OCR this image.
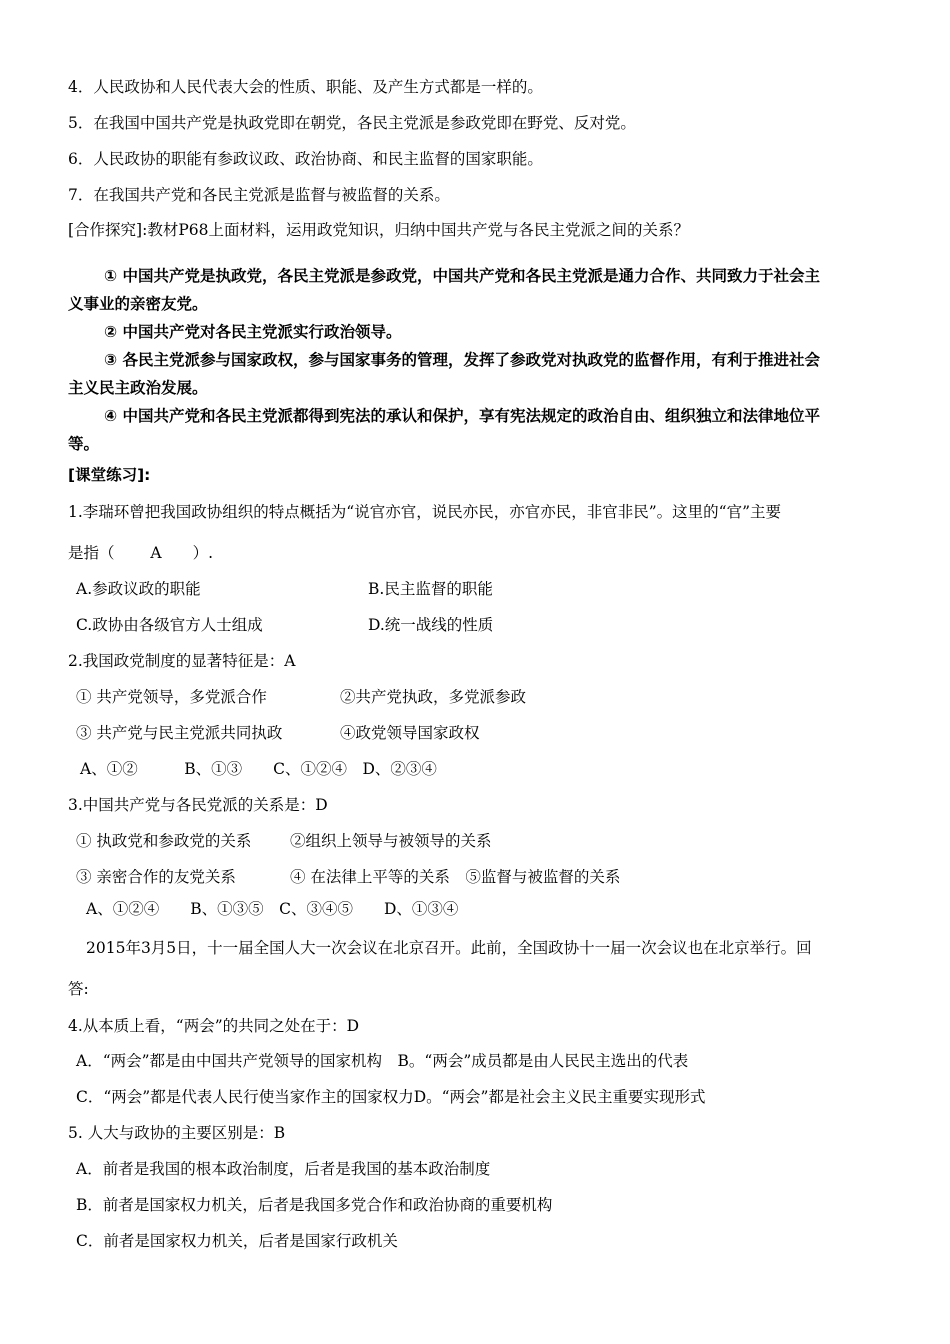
4．人民政协和人民代表大会的性质、职能、及产生方式都是一样的。
5．在我国中国共产党是执政党即在朝党，各民主党派是参政党即在野党、反对党。
6．人民政协的职能有参政议政、政治协商、和民主监督的国家职能。
7．在我国共产党和各民主党派是监督与被监督的关系。
[合作探究]:教材P68上面材料，运用政党知识，归纳中国共产党与各民主党派之间的关系？
① 中国共产党是执政党，各民主党派是参政党，中国共产党和各民主党派是通力合作、共同致力于社会主
义事业的亲密友党。
② 中国共产党对各民主党派实行政治领导。
③ 各民主党派参与国家政权，参与国家事务的管理，发挥了参政党对执政党的监督作用，有利于推进社会
主义民主政治发展。
④ 中国共产党和各民主党派都得到宪法的承认和保护，享有宪法规定的政治自由、组织独立和法律地位平
等。
[课堂练习]:
1.李瑞环曾把我国政协组织的特点概括为“说官亦官，说民亦民，亦官亦民，非官非民”。这里的“官”主要
是指（　　 A　　）.
A.参政议政的职能	B.民主监督的职能
C.政协由各级官方人士组成	D.统一战线的性质
2.我国政党制度的显著特征是：A
① 共产党领导，多党派合作	②共产党执政，多党派参政
③ 共产党与民主党派共同执政	④政党领导国家政权
A、①②　　　B、①③　　C、①②④　D、②③④
3.中国共产党与各民党派的关系是：D
① 执政党和参政党的关系 ②组织上领导与被领导的关系
③ 亲密合作的友党关系	④ 在法律上平等的关系　⑤监督与被监督的关系
A、①②④　　B、①③⑤　C、③④⑤　　D、①③④
2015年3月5日，十一届全国人大一次会议在北京召开。此前，全国政协十一届一次会议也在北京举行。回
答:
4.从本质上看，“两会”的共同之处在于：D
A．“两会”都是由中国共产党领导的国家机构　B。“两会”成员都是由人民民主选出的代表
C．“两会”都是代表人民行使当家作主的国家权力D。“两会”都是社会主义民主重要实现形式
5. 人大与政协的主要区别是：B
A．前者是我国的根本政治制度，后者是我国的基本政治制度
B．前者是国家权力机关，后者是我国多党合作和政治协商的重要机构
C．前者是国家权力机关，后者是国家行政机关
